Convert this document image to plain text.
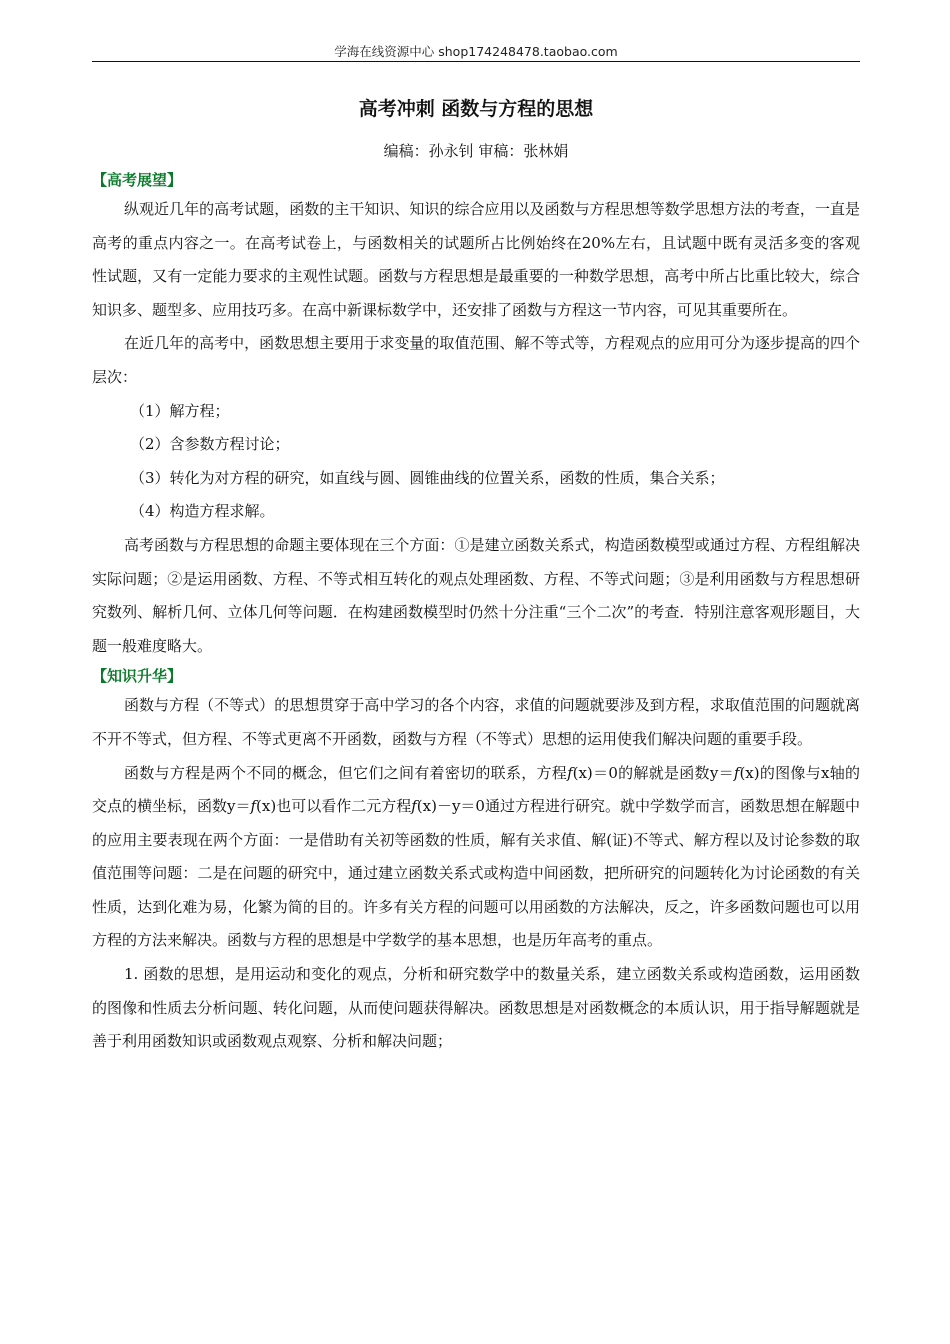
学海在线资源中心 shop174248478.taobao.com
高考冲刺 函数与方程的思想
编稿：孙永钊 审稿：张林娟
【高考展望】

纵观近几年的高考试题，函数的主干知识、知识的综合应用以及函数与方程思想等数学思想方法的考查，一直是高考的重点内容之一。在高考试卷上，与函数相关的试题所占比例始终在20%左右，且试题中既有灵活多变的客观性试题，又有一定能力要求的主观性试题。函数与方程思想是最重要的一种数学思想，高考中所占比重比较大，综合知识多、题型多、应用技巧多。在高中新课标数学中，还安排了函数与方程这一节内容，可见其重要所在。

在近几年的高考中，函数思想主要用于求变量的取值范围、解不等式等，方程观点的应用可分为逐步提高的四个层次：

（1）解方程；

（2）含参数方程讨论；

（3）转化为对方程的研究，如直线与圆、圆锥曲线的位置关系，函数的性质，集合关系；

（4）构造方程求解。

高考函数与方程思想的命题主要体现在三个方面：①是建立函数关系式，构造函数模型或通过方程、方程组解决实际问题；②是运用函数、方程、不等式相互转化的观点处理函数、方程、不等式问题；③是利用函数与方程思想研究数列、解析几何、立体几何等问题．在构建函数模型时仍然十分注重“三个二次”的考查．特别注意客观形题目，大题一般难度略大。

【知识升华】

函数与方程（不等式）的思想贯穿于高中学习的各个内容，求值的问题就要涉及到方程，求取值范围的问题就离不开不等式，但方程、不等式更离不开函数，函数与方程（不等式）思想的运用使我们解决问题的重要手段。

函数与方程是两个不同的概念，但它们之间有着密切的联系，方程f(x)＝0的解就是函数y＝f(x)的图像与x轴的交点的横坐标，函数y＝f(x)也可以看作二元方程f(x)－y＝0通过方程进行研究。就中学数学而言，函数思想在解题中的应用主要表现在两个方面：一是借助有关初等函数的性质，解有关求值、解(证)不等式、解方程以及讨论参数的取值范围等问题：二是在问题的研究中，通过建立函数关系式或构造中间函数，把所研究的问题转化为讨论函数的有关性质，达到化难为易，化繁为简的目的。许多有关方程的问题可以用函数的方法解决，反之，许多函数问题也可以用方程的方法来解决。函数与方程的思想是中学数学的基本思想，也是历年高考的重点。

1. 函数的思想，是用运动和变化的观点，分析和研究数学中的数量关系，建立函数关系或构造函数，运用函数的图像和性质去分析问题、转化问题，从而使问题获得解决。函数思想是对函数概念的本质认识，用于指导解题就是善于利用函数知识或函数观点观察、分析和解决问题；
